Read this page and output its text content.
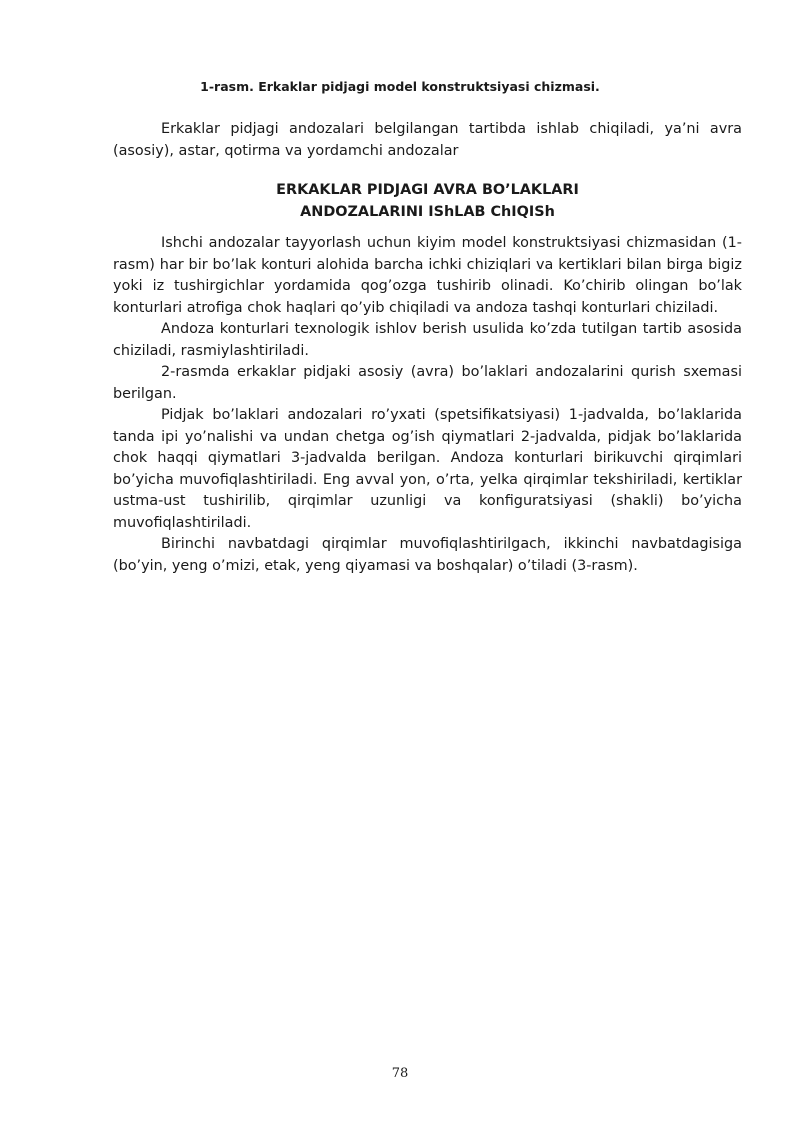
1-rasm. Erkaklar pidjagi model konstruktsiyasi chizmasi.

Erkaklar pidjagi andozalari belgilangan tartibda ishlab chiqiladi, ya’ni avra (asosiy), astar, qotirma va yordamchi andozalar

ERKAKLAR PIDJAGI AVRA BO’LAKLARI
ANDOZALARINI IShLAB ChIQISh

Ishchi andozalar tayyorlash uchun kiyim model konstruktsiyasi chizmasidan (1-rasm) har bir bo’lak konturi alohida barcha ichki chiziqlari va kertiklari bilan birga bigiz yoki iz tushirgichlar yordamida qog’ozga tushirib olinadi. Ko’chirib olingan bo’lak konturlari atrofiga chok haqlari qo’yib chiqiladi va andoza tashqi konturlari chiziladi.

Andoza konturlari texnologik ishlov berish usulida ko’zda tutilgan tartib asosida chiziladi, rasmiylashtiriladi.

2-rasmda erkaklar pidjaki asosiy (avra) bo’laklari andozalarini qurish sxemasi berilgan.

Pidjak bo’laklari andozalari ro’yxati (spetsifikatsiyasi) 1-jadvalda, bo’laklarida tanda ipi yo’nalishi va undan chetga og’ish qiymatlari 2-jadvalda, pidjak bo’laklarida chok haqqi qiymatlari 3-jadvalda berilgan. Andoza konturlari birikuvchi qirqimlari bo’yicha muvofiqlashtiriladi. Eng avval yon, o’rta, yelka qirqimlar tekshiriladi, kertiklar ustma-ust tushirilib, qirqimlar uzunligi va konfiguratsiyasi (shakli) bo’yicha muvofiqlashtiriladi.

Birinchi navbatdagi qirqimlar muvofiqlashtirilgach, ikkinchi navbatdagisiga (bo’yin, yeng o’mizi, etak, yeng qiyamasi va boshqalar) o’tiladi (3-rasm).

78
